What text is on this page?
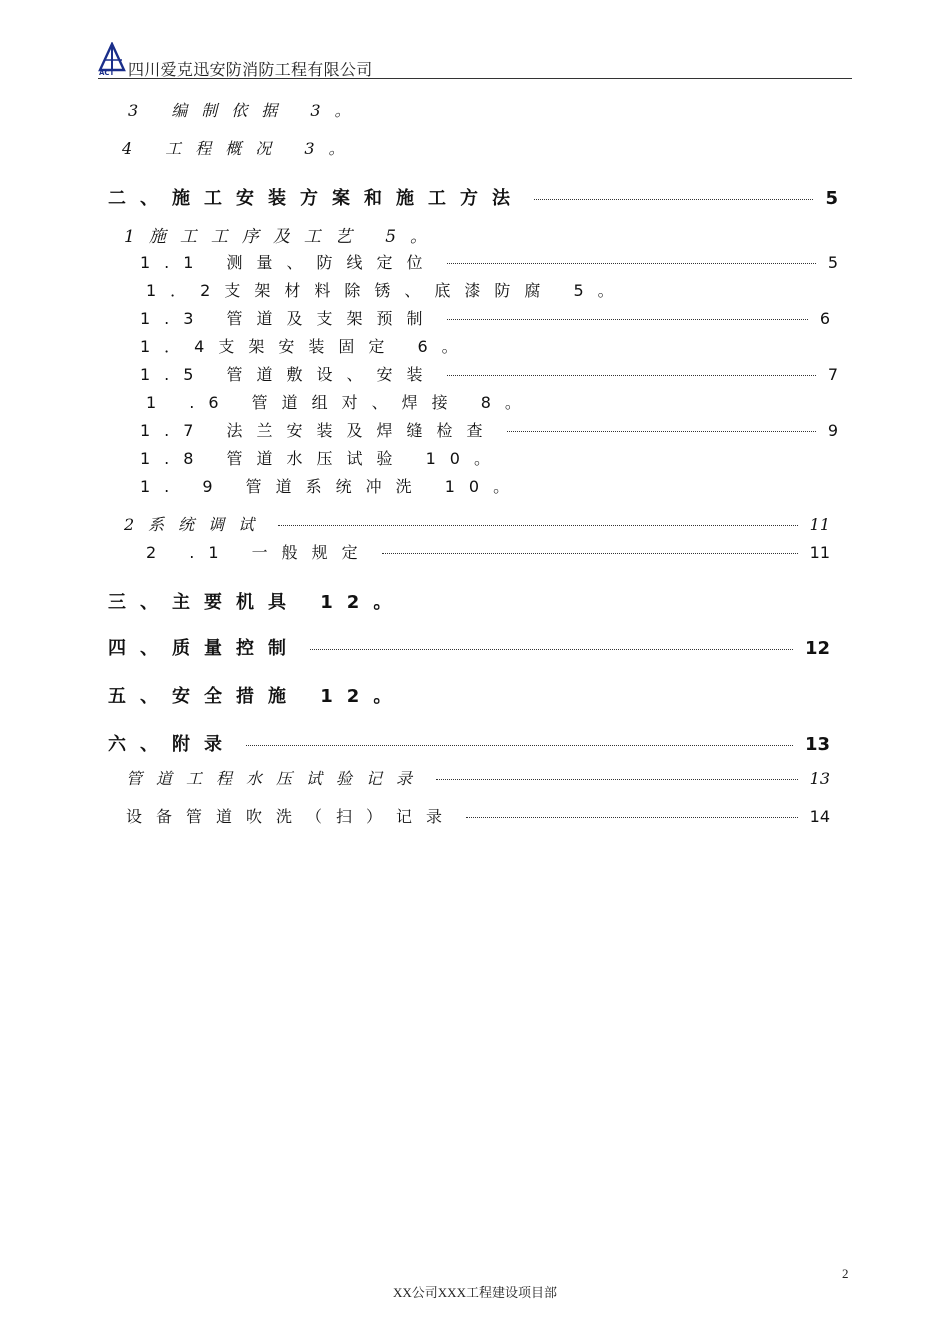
ACT 四川爱克迅安防消防工程有限公司
3 编制依据 3。
4 工程概况 3。
二、施工安装方案和施工方法	5
1施工工序及工艺 5。
1.1 测量、防线定位	5
1．2支架材料除锈、底漆防腐 5。
1.3 管道及支架预制	6
1．4支架安装固定 6。
1.5 管道敷设、安装	7
1 .6 管道组对、焊接 8。
1.7 法兰安装及焊缝检查	9
1.8 管道水压试验 10。
1. 9 管道系统冲洗 10。
2系统调试	11
2 .1 一般规定	11
三、主要机具 12。
四、质量控制	12
五、安全措施 12。
六、附录	13
管道工程水压试验记录	13
设备管道吹洗（扫）记录	14
2
XX公司XXX工程建设项目部
